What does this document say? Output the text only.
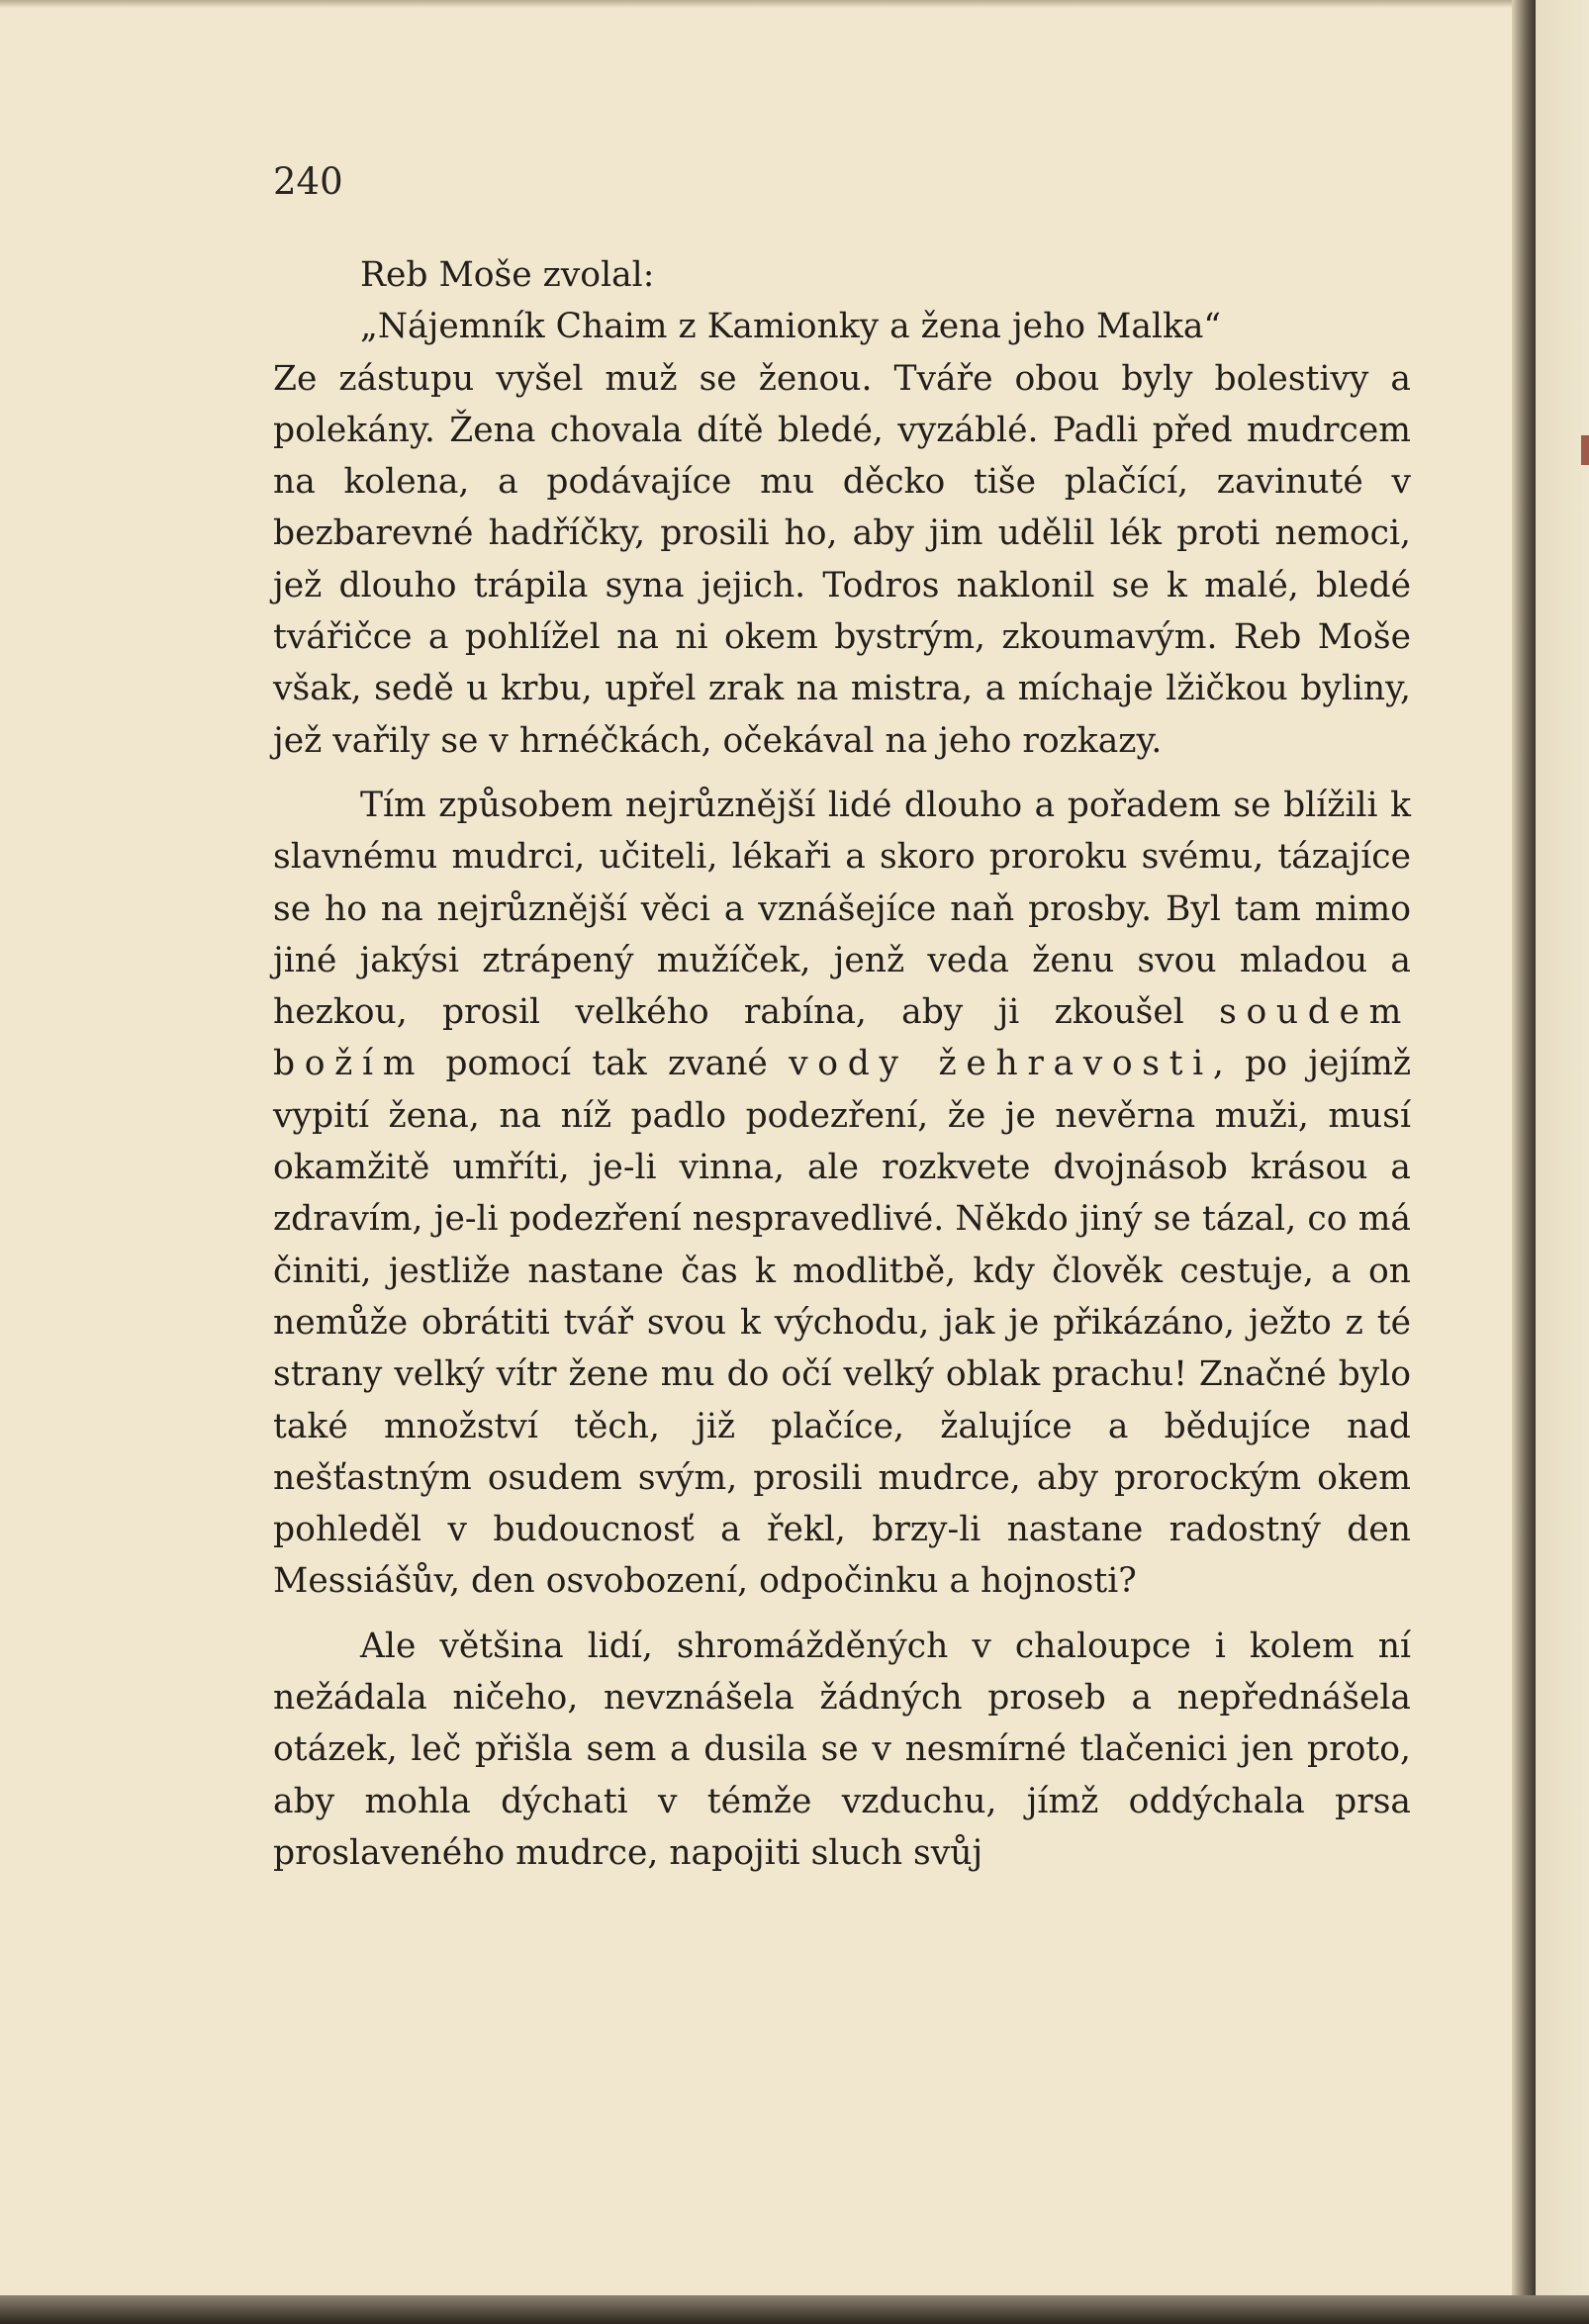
240

Reb Moše zvolal:

„Nájemník Chaim z Kamionky a žena jeho Malka“

Ze zástupu vyšel muž se ženou. Tváře obou byly bolestivy a polekány. Žena chovala dítě bledé, vyzáblé. Padli před mudrcem na kolena, a podávajíce mu děcko tiše plačící, zavinuté v bezbarevné hadříčky, prosili ho, aby jim udělil lék proti nemoci, jež dlouho trápila syna jejich. Todros naklonil se k malé, bledé tvářičce a pohlížel na ni okem bystrým, zkoumavým. Reb Moše však, sedě u krbu, upřel zrak na mistra, a míchaje lžičkou byliny, jež vařily se v hrnéčkách, očekával na jeho rozkazy.

Tím způsobem nejrůznější lidé dlouho a pořadem se blížili k slavnému mudrci, učiteli, lékaři a skoro proroku svému, tázajíce se ho na nejrůznější věci a vznášejíce naň prosby. Byl tam mimo jiné jakýsi ztrápený mužíček, jenž veda ženu svou mladou a hezkou, prosil velkého rabína, aby ji zkoušel soudem božím pomocí tak zvané vody žehravosti, po jejímž vypití žena, na níž padlo podezření, že je nevěrna muži, musí okamžitě umříti, je-li vinna, ale rozkvete dvojnásob krásou a zdravím, je-li podezření nespravedlivé. Někdo jiný se tázal, co má činiti, jestliže nastane čas k modlitbě, kdy člověk cestuje, a on nemůže obrátiti tvář svou k východu, jak je přikázáno, ježto z té strany velký vítr žene mu do očí velký oblak prachu! Značné bylo také množství těch, již plačíce, žalujíce a bědujíce nad nešťastným osudem svým, prosili mudrce, aby prorockým okem pohleděl v budoucnosť a řekl, brzy-li nastane radostný den Messiášův, den osvobození, odpočinku a hojnosti?

Ale většina lidí, shromážděných v chaloupce i kolem ní nežádala ničeho, nevznášela žádných proseb a nepřednášela otázek, leč přišla sem a dusila se v nesmírné tlačenici jen proto, aby mohla dýchati v témže vzduchu, jímž oddýchala prsa proslaveného mudrce, napojiti sluch svůj
